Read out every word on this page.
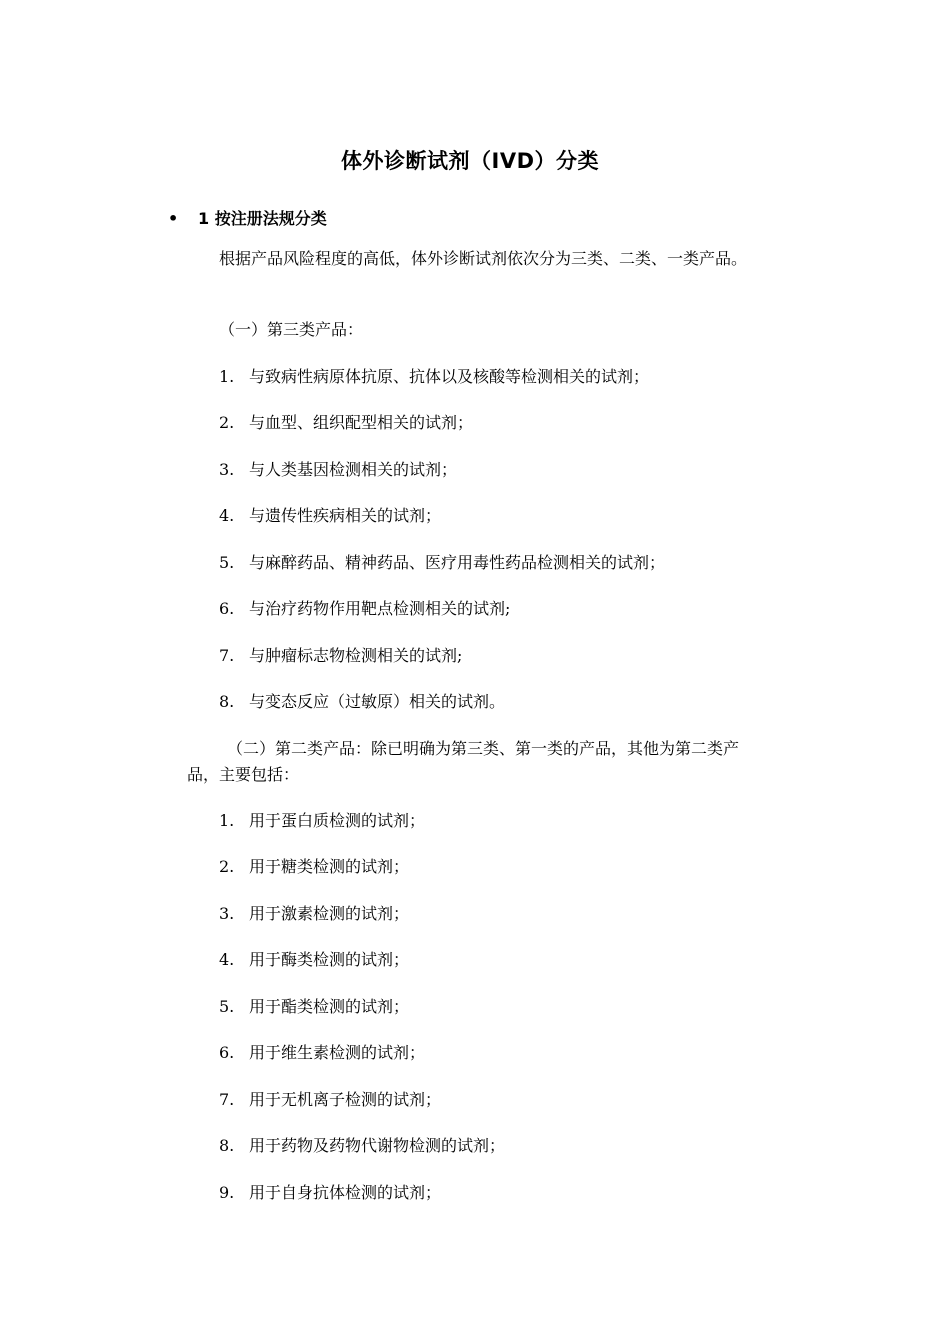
体外诊断试剂（IVD）分类
• 1 按注册法规分类
根据产品风险程度的高低，体外诊断试剂依次分为三类、二类、一类产品。
（一）第三类产品：
1. 与致病性病原体抗原、抗体以及核酸等检测相关的试剂；
2. 与血型、组织配型相关的试剂；
3. 与人类基因检测相关的试剂；
4. 与遗传性疾病相关的试剂；
5. 与麻醉药品、精神药品、医疗用毒性药品检测相关的试剂；
6. 与治疗药物作用靶点检测相关的试剂;
7. 与肿瘤标志物检测相关的试剂;
8. 与变态反应（过敏原）相关的试剂。
（二）第二类产品：除已明确为第三类、第一类的产品，其他为第二类产品，主要包括：
1. 用于蛋白质检测的试剂；
2. 用于糖类检测的试剂；
3. 用于激素检测的试剂；
4. 用于酶类检测的试剂；
5. 用于酯类检测的试剂；
6. 用于维生素检测的试剂；
7. 用于无机离子检测的试剂；
8. 用于药物及药物代谢物检测的试剂；
9. 用于自身抗体检测的试剂；
